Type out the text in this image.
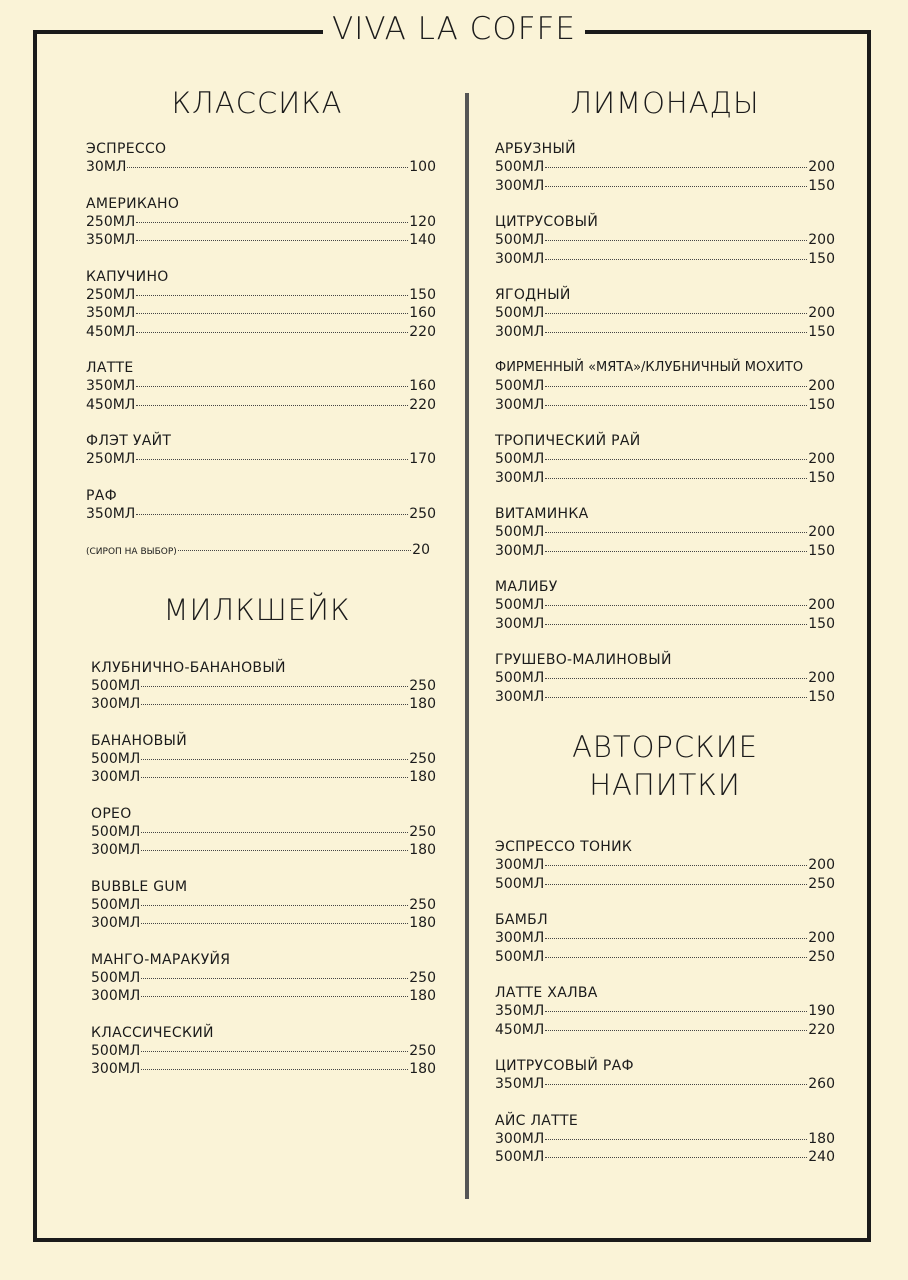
VIVA LA COFFE
КЛАССИКА
ЭСПРЕССО
30МЛ	100
АМЕРИКАНО
250МЛ	120
350МЛ	140
КАПУЧИНО
250МЛ	150
350МЛ	160
450МЛ	220
ЛАТТЕ
350МЛ	160
450МЛ	220
ФЛЭТ УАЙТ
250МЛ	170
РАФ
350МЛ	250
(СИРОП НА ВЫБОР)	20
МИЛКШЕЙК
КЛУБНИЧНО-БАНАНОВЫЙ
500МЛ	250
300МЛ	180
БАНАНОВЫЙ
500МЛ	250
300МЛ	180
ОРЕО
500МЛ	250
300МЛ	180
BUBBLE GUM
500МЛ	250
300МЛ	180
МАНГО-МАРАКУЙЯ
500МЛ	250
300МЛ	180
КЛАССИЧЕСКИЙ
500МЛ	250
300МЛ	180
ЛИМОНАДЫ
АРБУЗНЫЙ
500МЛ	200
300МЛ	150
ЦИТРУСОВЫЙ
500МЛ	200
300МЛ	150
ЯГОДНЫЙ
500МЛ	200
300МЛ	150
ФИРМЕННЫЙ «МЯТА»/КЛУБНИЧНЫЙ МОХИТО
500МЛ	200
300МЛ	150
ТРОПИЧЕСКИЙ РАЙ
500МЛ	200
300МЛ	150
ВИТАМИНКА
500МЛ	200
300МЛ	150
МАЛИБУ
500МЛ	200
300МЛ	150
ГРУШЕВО-МАЛИНОВЫЙ
500МЛ	200
300МЛ	150
АВТОРСКИЕ НАПИТКИ
ЭСПРЕССО ТОНИК
300МЛ	200
500МЛ	250
БАМБЛ
300МЛ	200
500МЛ	250
ЛАТТЕ ХАЛВА
350МЛ	190
450МЛ	220
ЦИТРУСОВЫЙ РАФ
350МЛ	260
АЙС ЛАТТЕ
300МЛ	180
500МЛ	240
